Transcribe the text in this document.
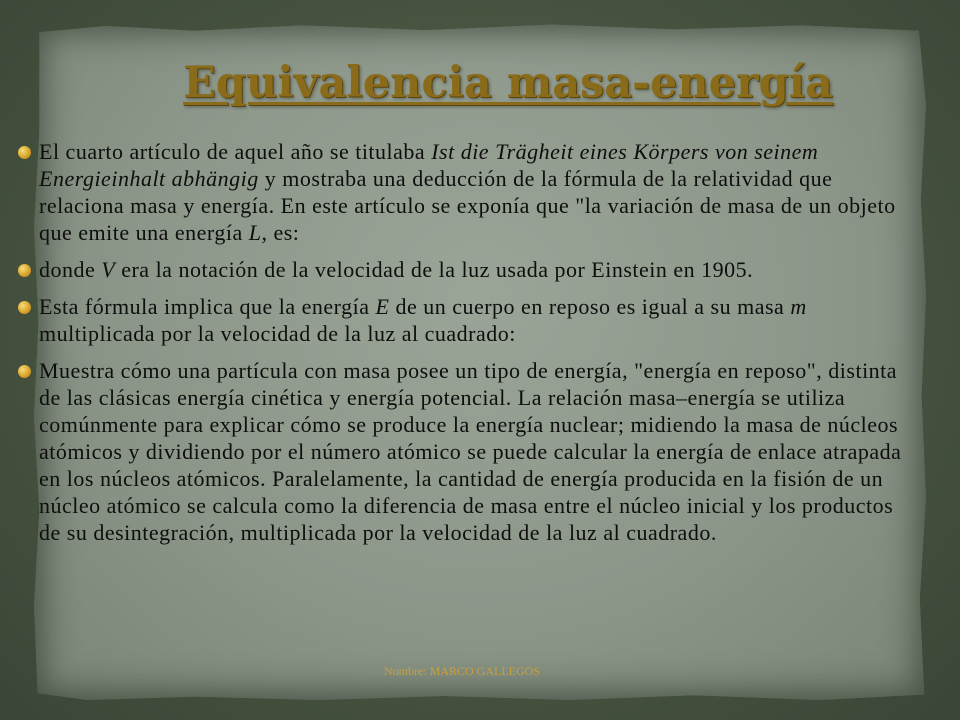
Equivalencia masa-energía
El cuarto artículo de aquel año se titulaba Ist die Trägheit eines Körpers von seinem Energieinhalt abhängig y mostraba una deducción de la fórmula de la relatividad que relaciona masa y energía. En este artículo se exponía que "la variación de masa de un objeto que emite una energía L, es:
donde V era la notación de la velocidad de la luz usada por Einstein en 1905.
Esta fórmula implica que la energía E de un cuerpo en reposo es igual a su masa m multiplicada por la velocidad de la luz al cuadrado:
Muestra cómo una partícula con masa posee un tipo de energía, "energía en reposo", distinta de las clásicas energía cinética y energía potencial. La relación masa–energía se utiliza comúnmente para explicar cómo se produce la energía nuclear; midiendo la masa de núcleos atómicos y dividiendo por el número atómico se puede calcular la energía de enlace atrapada en los núcleos atómicos. Paralelamente, la cantidad de energía producida en la fisión de un núcleo atómico se calcula como la diferencia de masa entre el núcleo inicial y los productos de su desintegración, multiplicada por la velocidad de la luz al cuadrado.
Nombre: MARCO GALLEGOS
